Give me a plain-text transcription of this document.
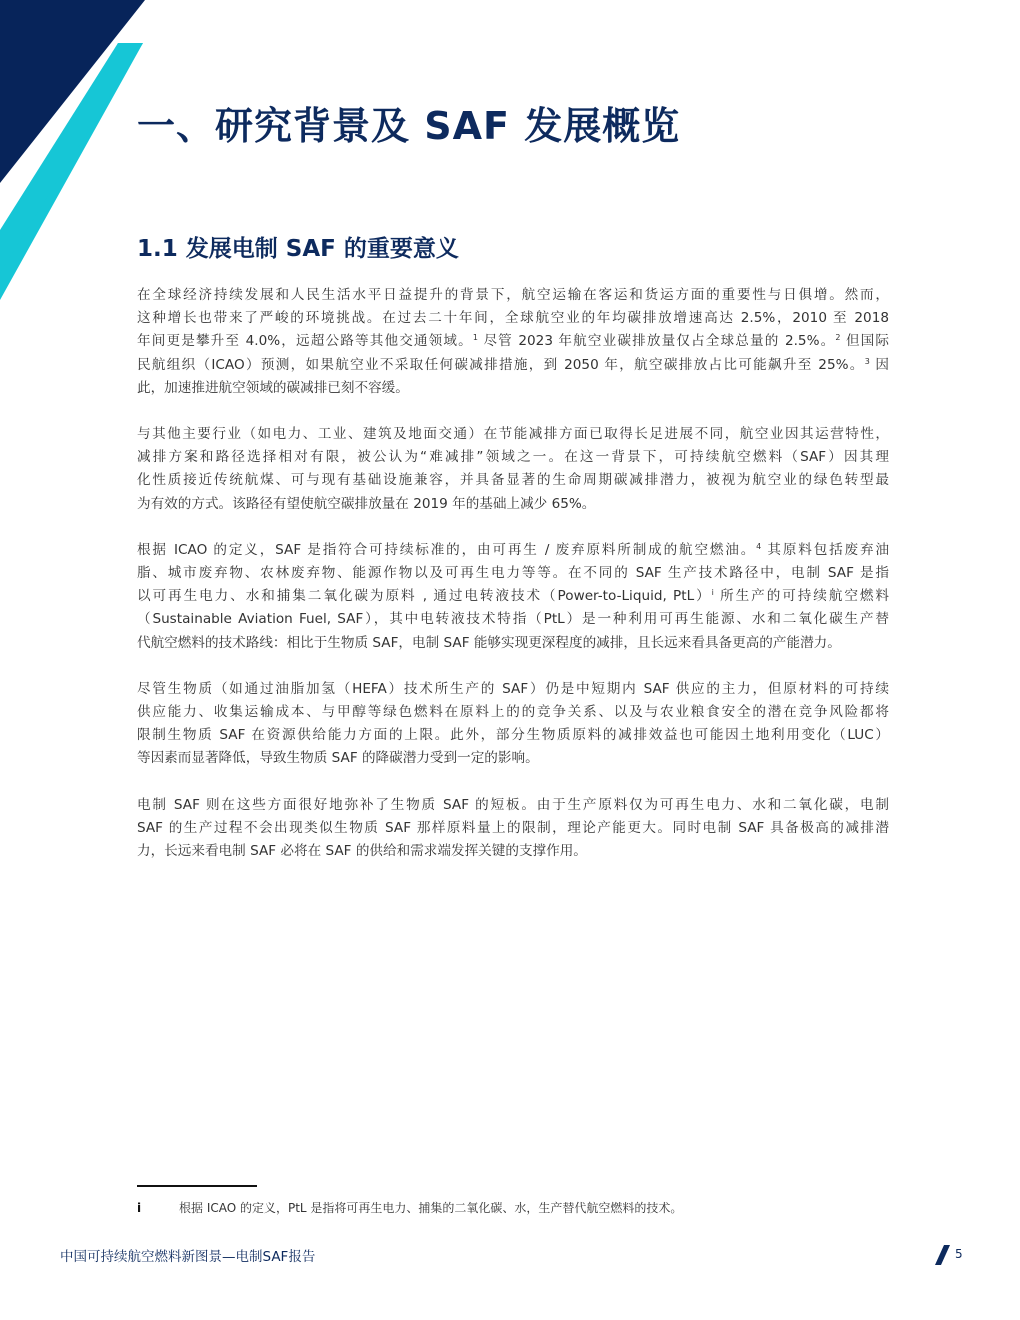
一、研究背景及 SAF 发展概览
1.1 发展电制 SAF 的重要意义

在全球经济持续发展和人民生活水平日益提升的背景下，航空运输在客运和货运方面的重要性与日俱增。然而，
这种增长也带来了严峻的环境挑战。在过去二十年间，全球航空业的年均碳排放增速高达 2.5%，2010 至 2018
年间更是攀升至 4.0%，远超公路等其他交通领域。$^1$ 尽管 2023 年航空业碳排放量仅占全球总量的 2.5%。$^2$ 但国际
民航组织（ICAO）预测，如果航空业不采取任何碳减排措施，到 2050 年，航空碳排放占比可能飙升至 25%。$^3$ 因
此，加速推进航空领域的碳减排已刻不容缓。

与其他主要行业（如电力、工业、建筑及地面交通）在节能减排方面已取得长足进展不同，航空业因其运营特性，
减排方案和路径选择相对有限，被公认为“难减排”领域之一。在这一背景下，可持续航空燃料（SAF）因其理
化性质接近传统航煤、可与现有基础设施兼容，并具备显著的生命周期碳减排潜力，被视为航空业的绿色转型最
为有效的方式。该路径有望使航空碳排放量在 2019 年的基础上减少 65%。

根据 ICAO 的定义，SAF 是指符合可持续标准的，由可再生 / 废弃原料所制成的航空燃油。$^4$ 其原料包括废弃油
脂、城市废弃物、农林废弃物、能源作物以及可再生电力等等。在不同的 SAF 生产技术路径中，电制 SAF 是指
以可再生电力、水和捕集二氧化碳为原料 , 通过电转液技术（Power-to-Liquid, PtL）$^i$ 所生产的可持续航空燃料
（Sustainable Aviation Fuel, SAF），其中电转液技术特指（PtL）是一种利用可再生能源、水和二氧化碳生产替
代航空燃料的技术路线：相比于生物质 SAF，电制 SAF 能够实现更深程度的减排，且长远来看具备更高的产能潜力。

尽管生物质（如通过油脂加氢（HEFA）技术所生产的 SAF）仍是中短期内 SAF 供应的主力，但原材料的可持续
供应能力、收集运输成本、与甲醇等绿色燃料在原料上的的竞争关系、以及与农业粮食安全的潜在竞争风险都将
限制生物质 SAF 在资源供给能力方面的上限。此外，部分生物质原料的减排效益也可能因土地利用变化（LUC）
等因素而显著降低，导致生物质 SAF 的降碳潜力受到一定的影响。

电制 SAF 则在这些方面很好地弥补了生物质 SAF 的短板。由于生产原料仅为可再生电力、水和二氧化碳，电制
SAF 的生产过程不会出现类似生物质 SAF 那样原料量上的限制，理论产能更大。同时电制 SAF 具备极高的减排潜
力，长远来看电制 SAF 必将在 SAF 的供给和需求端发挥关键的支撑作用。

i	根据 ICAO 的定义，PtL 是指将可再生电力、捕集的二氧化碳、水，生产替代航空燃料的技术。
中国可持续航空燃料新图景—电制SAF报告	5
